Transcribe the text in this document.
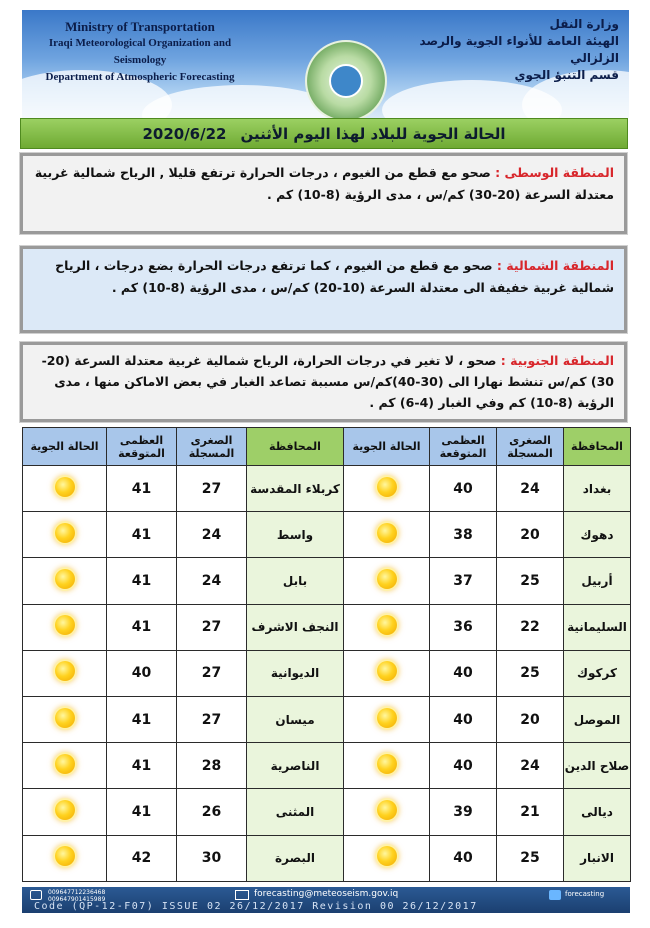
Ministry of Transportation
Iraqi Meteorological Organization and Seismology
Department of Atmospheric Forecasting
وزارة النقل
الهيئة العامة للأنواء الجوية والرصد الزلزالي
قسم التنبؤ الجوي
الحالة الجوية للبلاد لهذا اليوم الأثنين
2020/6/22
المنطقة الوسطى : صحو مع قطع من الغيوم ، درجات الحرارة ترتفع قليلا , الرياح شمالية غربية معتدلة السرعة (20-30) كم/س ، مدى الرؤية (8-10) كم .
المنطقة الشمالية : صحو مع قطع من الغيوم ، كما ترتفع درجات الحرارة بضع درجات ، الرياح شمالية غربية خفيفة الى معتدلة السرعة (10-20) كم/س ، مدى الرؤية (8-10) كم .
المنطقة الجنوبية : صحو ، لا تغير في درجات الحرارة، الرياح شمالية غربية معتدلة السرعة (20-30) كم/س تنشط نهارا الى (30-40)كم/س مسببة تصاعد الغبار في بعض الاماكن منها ، مدى الرؤية (8-10) كم وفي الغبار (4-6) كم .
الحالة الجوية	العظمى المتوقعة	الصغرى المسجلة	المحافظة	الحالة الجوية	العظمى المتوقعة	الصغرى المسجلة	المحافظة
	41	27	كربلاء المقدسة		40	24	بغداد
	41	24	واسط		38	20	دهوك
	41	24	بابل		37	25	أربيل
	41	27	النجف الاشرف		36	22	السليمانية
	40	27	الديوانية		40	25	كركوك
	41	27	ميسان		40	20	الموصل
	41	28	الناصرية		40	24	صلاح الدين
	41	26	المثنى		39	21	ديالى
	42	30	البصرة		40	25	الانبار
009647712236468
009647901415989
forecasting@meteoseism.gov.iq	forecasting
Code (QP-12-F07) ISSUE 02 26/12/2017 Revision 00 26/12/2017
